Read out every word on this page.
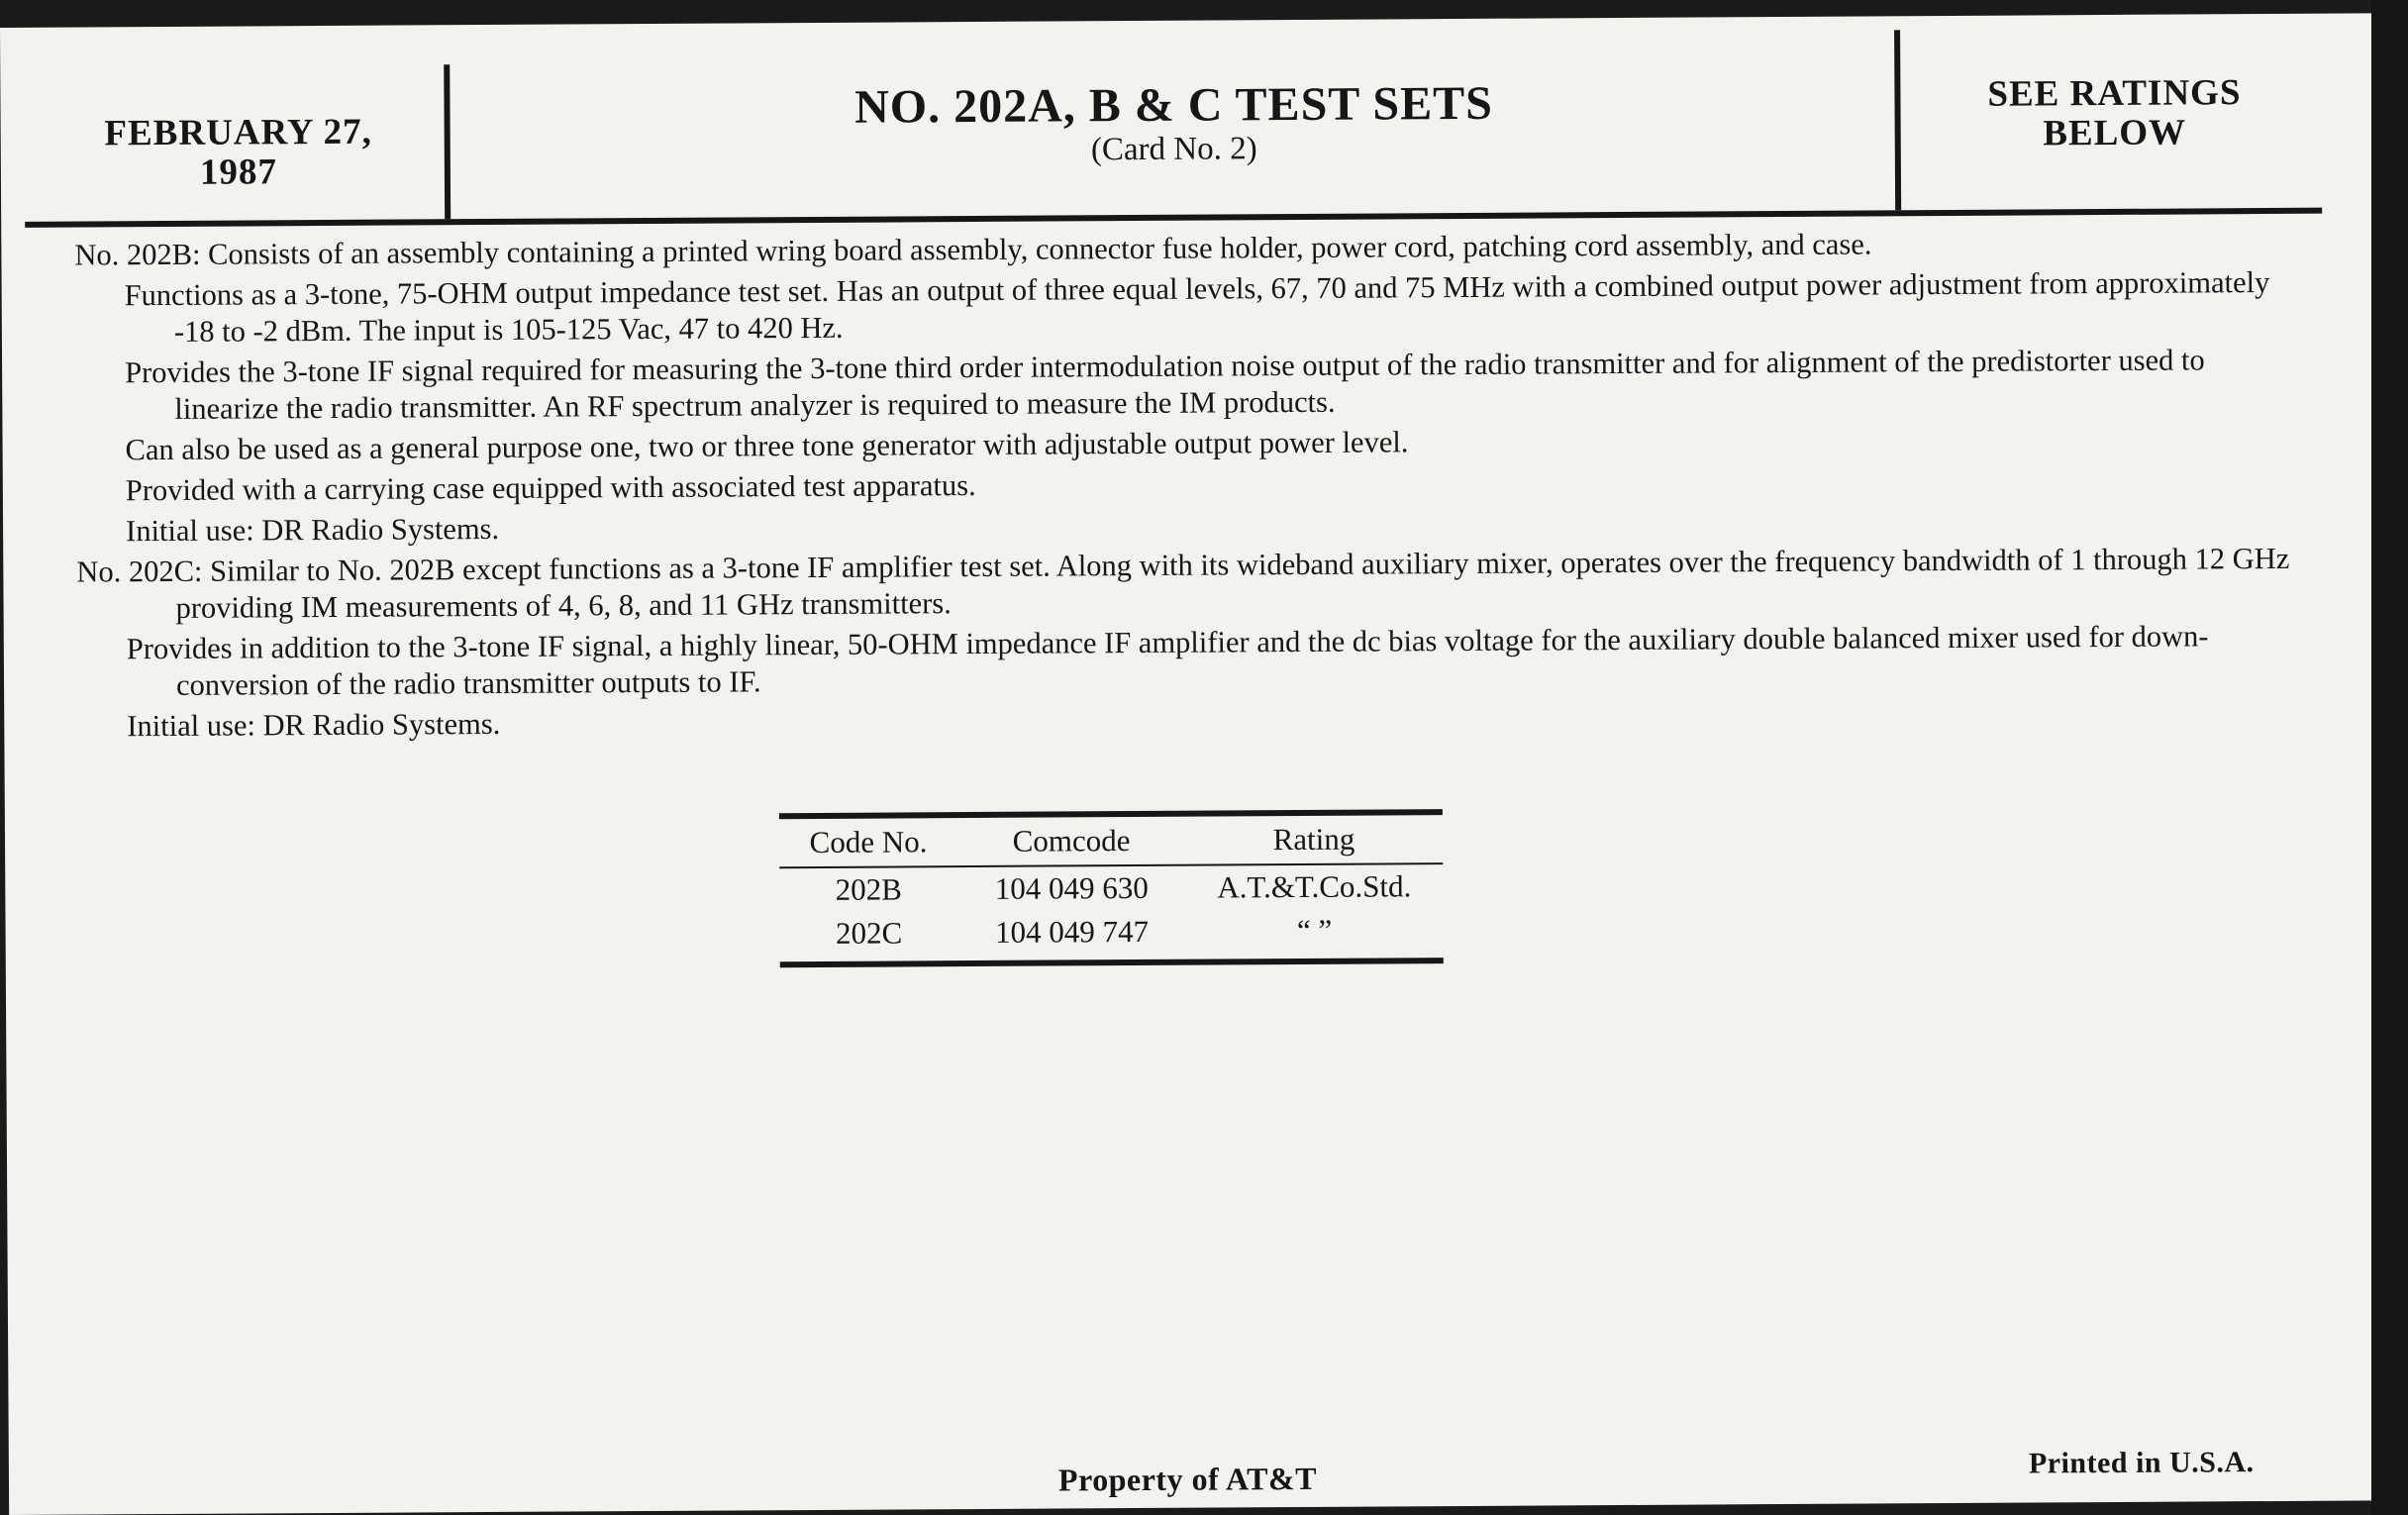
FEBRUARY 27,
1987
NO. 202A, B & C TEST SETS
(Card No. 2)
SEE RATINGS
BELOW

No. 202B: Consists of an assembly containing a printed wring board assembly, connector fuse holder, power cord, patching cord assembly, and case.

Functions as a 3-tone, 75-OHM output impedance test set. Has an output of three equal levels, 67, 70 and 75 MHz with a combined output power adjustment from approximately -18 to -2 dBm. The input is 105-125 Vac, 47 to 420 Hz.

Provides the 3-tone IF signal required for measuring the 3-tone third order intermodulation noise output of the radio transmitter and for alignment of the predistorter used to linearize the radio transmitter. An RF spectrum analyzer is required to measure the IM products.

Can also be used as a general purpose one, two or three tone generator with adjustable output power level.

Provided with a carrying case equipped with associated test apparatus.

Initial use: DR Radio Systems.

No. 202C: Similar to No. 202B except functions as a 3-tone IF amplifier test set. Along with its wideband auxiliary mixer, operates over the frequency bandwidth of 1 through 12 GHz providing IM measurements of 4, 6, 8, and 11 GHz transmitters.

Provides in addition to the 3-tone IF signal, a highly linear, 50-OHM impedance IF amplifier and the dc bias voltage for the auxiliary double balanced mixer used for down-conversion of the radio transmitter outputs to IF.

Initial use: DR Radio Systems.

Code No.	Comcode	Rating
202B	104 049 630	A.T.&T.Co.Std.
202C	104 049 747	“ ”
Property of AT&T	Printed in U.S.A.
